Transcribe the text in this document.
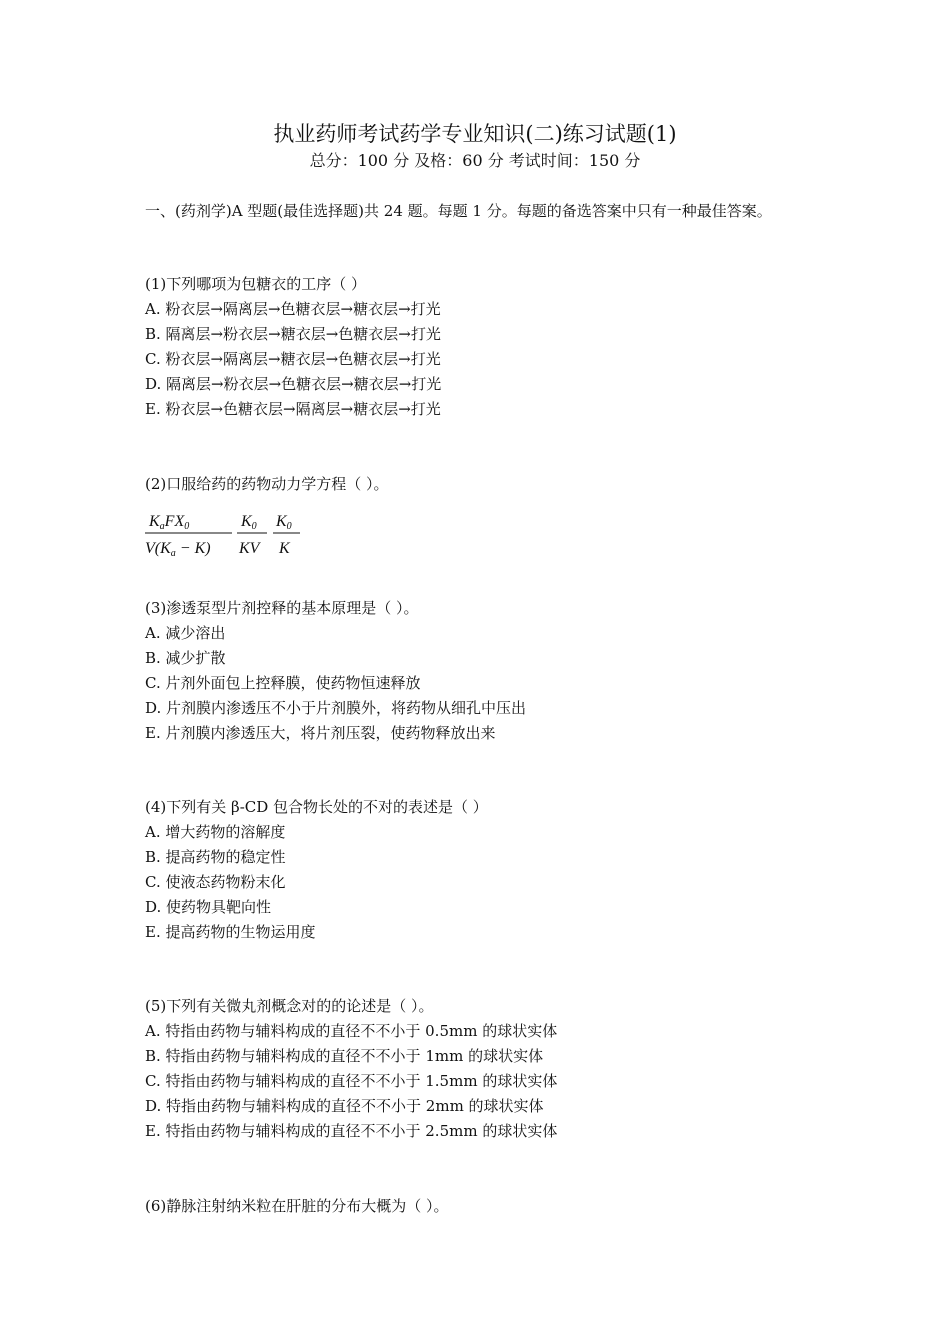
执业药师考试药学专业知识(二)练习试题(1)
总分：100 分 及格：60 分 考试时间：150 分
一、(药剂学)A 型题(最佳选择题)共 24 题。每题 1 分。每题的备选答案中只有一种最佳答案。
(1)下列哪项为包糖衣的工序（ ）
A. 粉衣层→隔离层→色糖衣层→糖衣层→打光
B. 隔离层→粉衣层→糖衣层→色糖衣层→打光
C. 粉衣层→隔离层→糖衣层→色糖衣层→打光
D. 隔离层→粉衣层→色糖衣层→糖衣层→打光
E. 粉衣层→色糖衣层→隔离层→糖衣层→打光
(2)口服给药的药物动力学方程（ ）。
KaFX0
V(Ka − K)
K0
KV
K0
K
(3)渗透泵型片剂控释的基本原理是（ ）。
A. 减少溶出
B. 减少扩散
C. 片剂外面包上控释膜，使药物恒速释放
D. 片剂膜内渗透压不小于片剂膜外，将药物从细孔中压出
E. 片剂膜内渗透压大，将片剂压裂，使药物释放出来
(4)下列有关 β-CD 包合物长处的不对的表述是（ ）
A. 增大药物的溶解度
B. 提高药物的稳定性
C. 使液态药物粉末化
D. 使药物具靶向性
E. 提高药物的生物运用度
(5)下列有关微丸剂概念对的的论述是（ ）。
A. 特指由药物与辅料构成的直径不不小于 0.5mm 的球状实体
B. 特指由药物与辅料构成的直径不不小于 1mm 的球状实体
C. 特指由药物与辅料构成的直径不不小于 1.5mm 的球状实体
D. 特指由药物与辅料构成的直径不不小于 2mm 的球状实体
E. 特指由药物与辅料构成的直径不不小于 2.5mm 的球状实体
(6)静脉注射纳米粒在肝脏的分布大概为（ ）。
